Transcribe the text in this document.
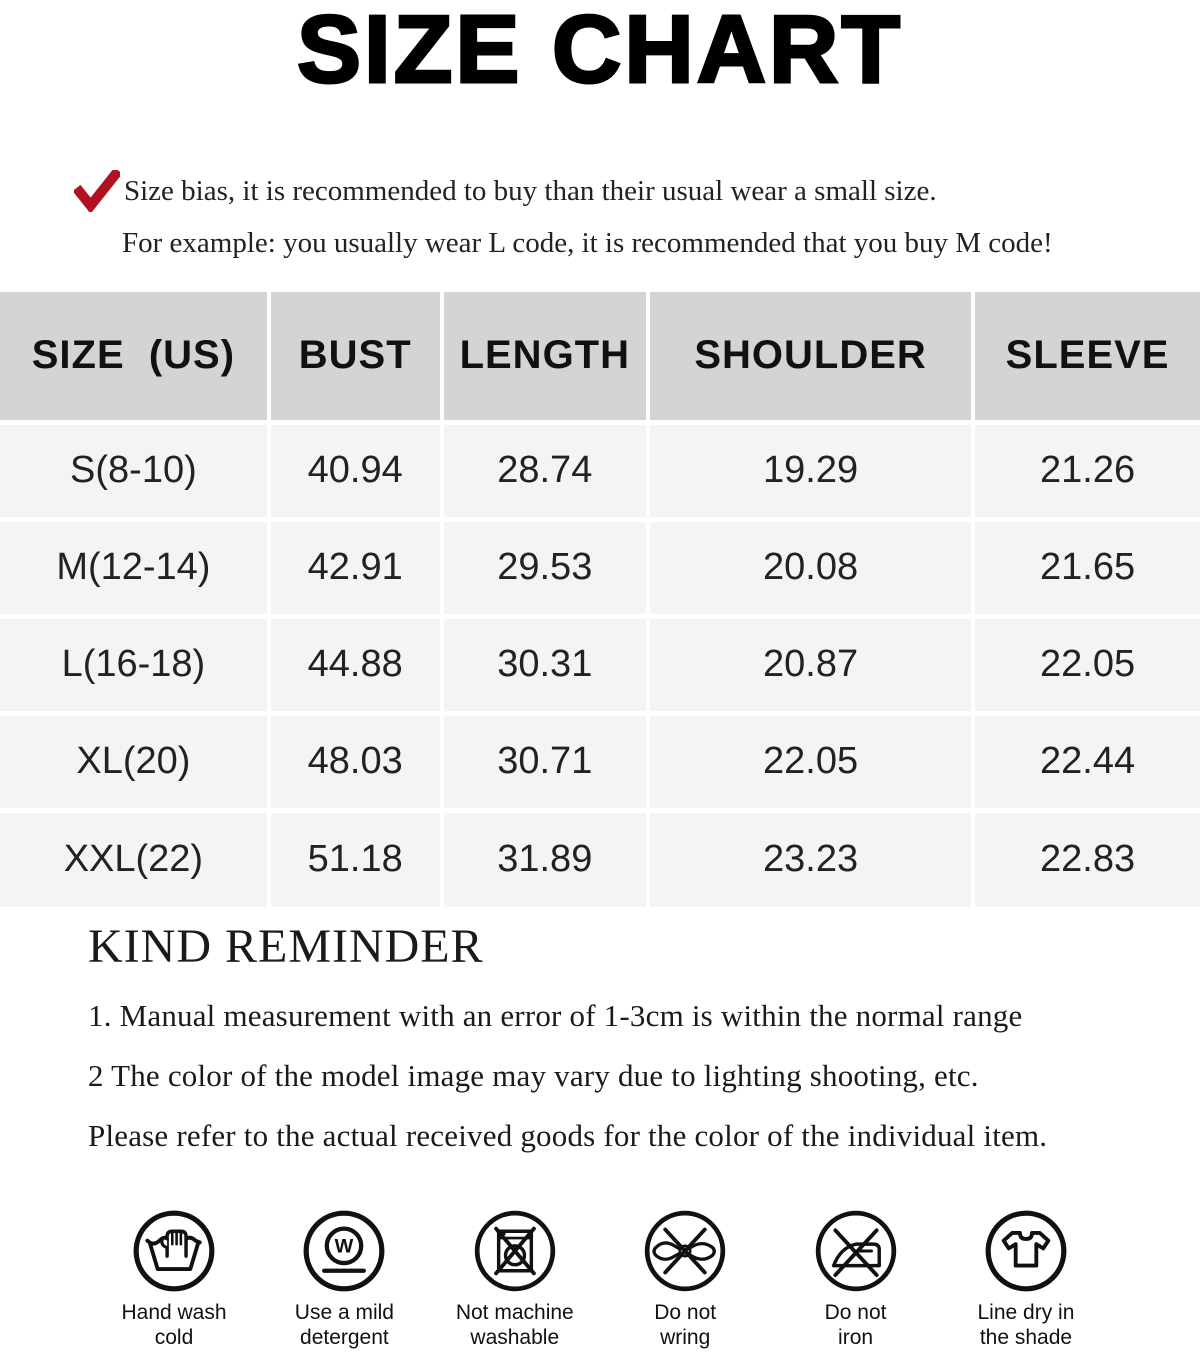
SIZE CHART
Size bias, it is recommended to buy than their usual wear a small size.
For example: you usually wear L code, it is recommended that you buy M code!
SIZE  (US)	BUST	LENGTH	SHOULDER	SLEEVE
S(8-10)	40.94	28.74	19.29	21.26
M(12-14)	42.91	29.53	20.08	21.65
L(16-18)	44.88	30.31	20.87	22.05
XL(20)	48.03	30.71	22.05	22.44
XXL(22)	51.18	31.89	23.23	22.83
KIND REMINDER
1. Manual measurement with an error of 1-3cm is within the normal range
2 The color of the model image may vary due to lighting shooting, etc.
Please refer to the actual received goods for the color of the individual item.
Hand wash
cold
W
Use a mild
detergent
Not machine
washable
Do not
wring
Do not
iron
Line dry in
the shade
